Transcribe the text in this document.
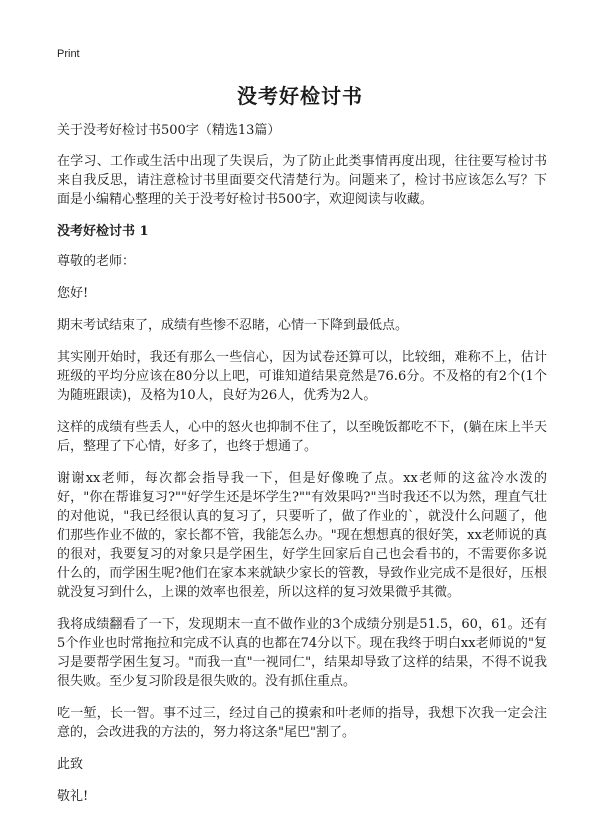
Print
没考好检讨书

关于没考好检讨书500字（精选13篇）

在学习、工作或生活中出现了失误后，为了防止此类事情再度出现，往往要写检讨书来自我反思，请注意检讨书里面要交代清楚行为。问题来了，检讨书应该怎么写？下面是小编精心整理的关于没考好检讨书500字，欢迎阅读与收藏。

没考好检讨书 1

尊敬的老师：

您好!

期末考试结束了，成绩有些惨不忍睹，心情一下降到最低点。

其实刚开始时，我还有那么一些信心，因为试卷还算可以，比较细，难称不上，估计班级的平均分应该在80分以上吧，可谁知道结果竟然是76.6分。不及格的有2个(1个为随班跟读)，及格为10人，良好为26人，优秀为2人。

这样的成绩有些丢人，心中的怒火也抑制不住了，以至晚饭都吃不下，(躺在床上半天后，整理了下心情，好多了，也终于想通了。

谢谢xx老师，每次都会指导我一下，但是好像晚了点。xx老师的这盆冷水泼的好，"你在帮谁复习?""好学生还是坏学生?""有效果吗?"当时我还不以为然，理直气壮的对他说，"我已经很认真的复习了，只要听了，做了作业的`，就没什么问题了，他们那些作业不做的，家长都不管，我能怎么办。"现在想想真的很好笑，xx老师说的真的很对，我要复习的对象只是学困生，好学生回家后自己也会看书的，不需要你多说什么的，而学困生呢?他们在家本来就缺少家长的管教，导致作业完成不是很好，压根就没复习到什么，上课的效率也很差，所以这样的复习效果微乎其微。

我将成绩翻看了一下，发现期末一直不做作业的3个成绩分别是51.5，60，61。还有5个作业也时常拖拉和完成不认真的也都在74分以下。现在我终于明白xx老师说的"复习是要帮学困生复习。"而我一直"一视同仁"，结果却导致了这样的结果，不得不说我很失败。至少复习阶段是很失败的。没有抓住重点。

吃一堑，长一智。事不过三，经过自己的摸索和叶老师的指导，我想下次我一定会注意的，会改进我的方法的，努力将这条"尾巴"割了。

此致

敬礼!
